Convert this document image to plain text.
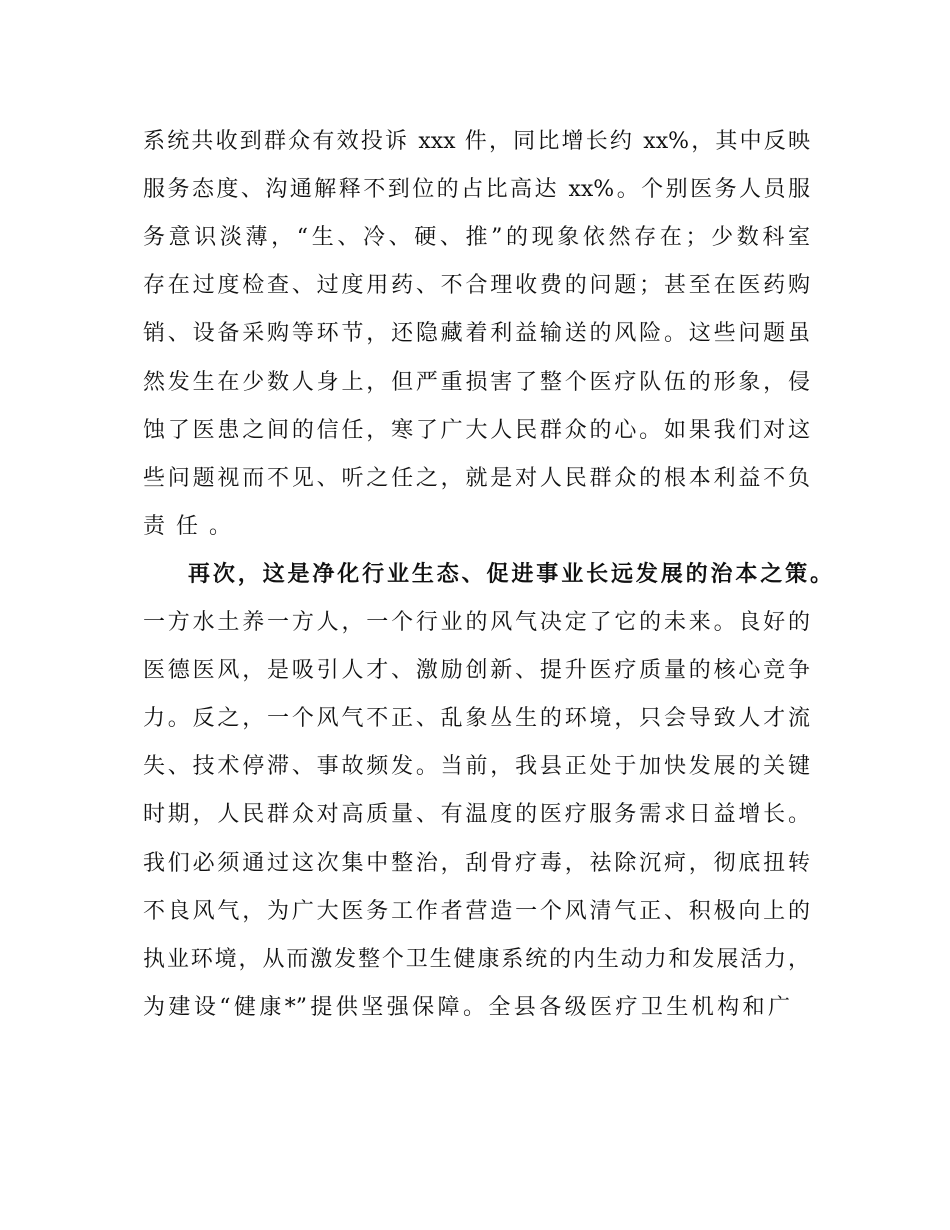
系统共收到群众有效投诉 xxx 件，同比增长约 xx%，其中反映
服务态度、沟通解释不到位的占比高达 xx%。个别医务人员服
务意识淡薄，“生、冷、硬、推”的现象依然存在；少数科室
存在过度检查、过度用药、不合理收费的问题；甚至在医药购
销、设备采购等环节，还隐藏着利益输送的风险。这些问题虽
然发生在少数人身上，但严重损害了整个医疗队伍的形象，侵
蚀了医患之间的信任，寒了广大人民群众的心。如果我们对这
些问题视而不见、听之任之，就是对人民群众的根本利益不负
责任。
再次，这是净化行业生态、促进事业长远发展的治本之策。
一方水土养一方人，一个行业的风气决定了它的未来。良好的
医德医风，是吸引人才、激励创新、提升医疗质量的核心竞争
力。反之，一个风气不正、乱象丛生的环境，只会导致人才流
失、技术停滞、事故频发。当前，我县正处于加快发展的关键
时期，人民群众对高质量、有温度的医疗服务需求日益增长。
我们必须通过这次集中整治，刮骨疗毒，祛除沉疴，彻底扭转
不良风气，为广大医务工作者营造一个风清气正、积极向上的
执业环境，从而激发整个卫生健康系统的内生动力和发展活力，
为建设“健康*”提供坚强保障。全县各级医疗卫生机构和广
